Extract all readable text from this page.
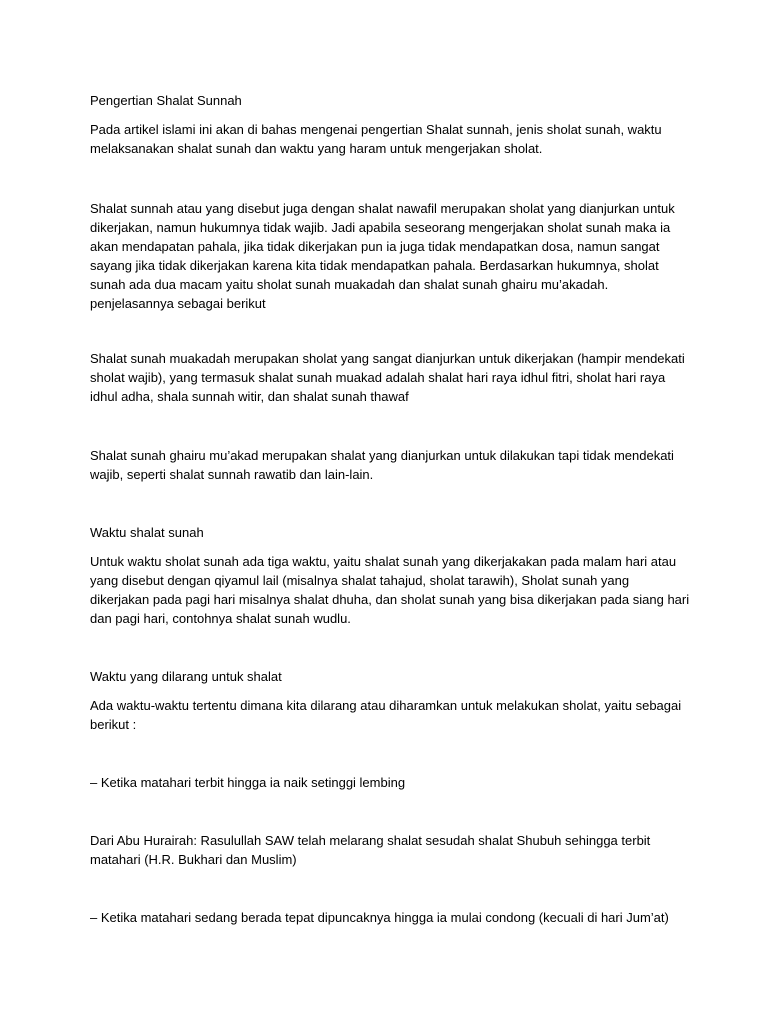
Pengertian Shalat Sunnah

Pada artikel islami ini akan di bahas mengenai pengertian Shalat sunnah, jenis sholat sunah, waktu melaksanakan shalat sunah dan waktu yang haram untuk mengerjakan sholat.

Shalat sunnah atau yang disebut juga dengan shalat nawafil merupakan sholat yang dianjurkan untuk dikerjakan, namun hukumnya tidak wajib. Jadi apabila seseorang mengerjakan sholat sunah maka ia akan mendapatan pahala, jika tidak dikerjakan pun ia juga tidak mendapatkan dosa, namun sangat sayang jika tidak dikerjakan karena kita tidak mendapatkan pahala. Berdasarkan hukumnya, sholat sunah ada dua macam yaitu sholat sunah muakadah dan shalat sunah ghairu mu’akadah. penjelasannya sebagai berikut

Shalat sunah muakadah merupakan sholat yang sangat dianjurkan untuk dikerjakan (hampir mendekati sholat wajib), yang termasuk shalat sunah muakad adalah shalat hari raya idhul fitri, sholat hari raya idhul adha, shala sunnah witir, dan shalat sunah thawaf

Shalat sunah ghairu mu’akad merupakan shalat yang dianjurkan untuk dilakukan tapi tidak mendekati wajib, seperti shalat sunnah rawatib dan lain-lain.

Waktu shalat sunah

Untuk waktu sholat sunah ada tiga waktu, yaitu shalat sunah yang dikerjakakan pada malam hari atau yang disebut dengan qiyamul lail (misalnya shalat tahajud, sholat tarawih), Sholat sunah yang dikerjakan pada pagi hari misalnya shalat dhuha, dan sholat sunah yang bisa dikerjakan pada siang hari dan pagi hari, contohnya shalat sunah wudlu.

Waktu yang dilarang untuk shalat

Ada waktu-waktu tertentu dimana kita dilarang atau diharamkan untuk melakukan sholat, yaitu sebagai berikut :

– Ketika matahari terbit hingga ia naik setinggi lembing

Dari Abu Hurairah: Rasulullah SAW telah melarang shalat sesudah shalat Shubuh sehingga terbit matahari (H.R. Bukhari dan Muslim)

– Ketika matahari sedang berada tepat dipuncaknya hingga ia mulai condong (kecuali di hari Jum’at)
